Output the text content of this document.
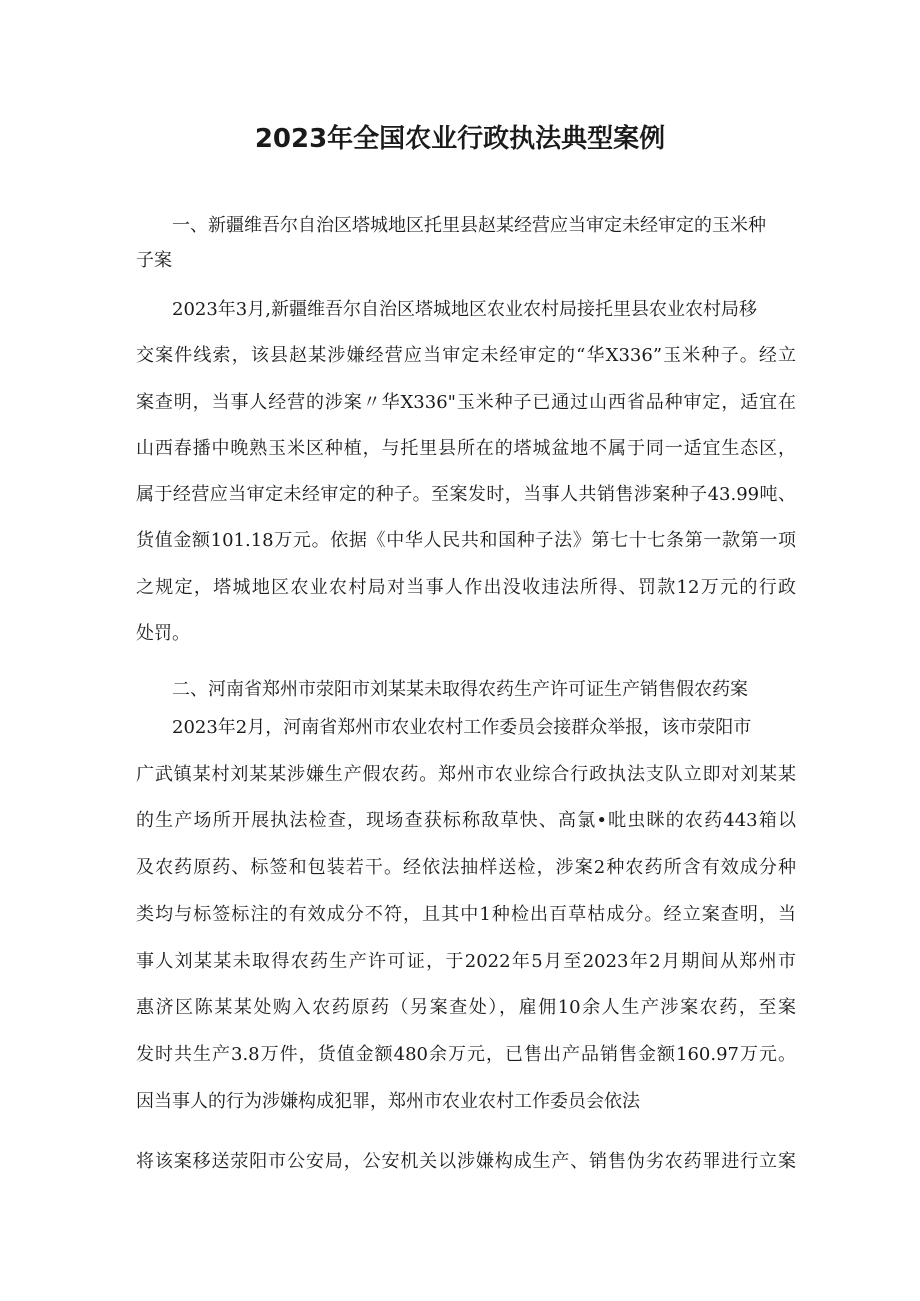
2023年全国农业行政执法典型案例
一、新疆维吾尔自治区塔城地区托里县赵某经营应当审定未经审定的玉米种
子案
2023年3月,新疆维吾尔自治区塔城地区农业农村局接托里县农业农村局移
交案件线索，该县赵某涉嫌经营应当审定未经审定的“华X336”玉米种子。经立
案查明，当事人经营的涉案〃华X336"玉米种子已通过山西省品种审定，适宜在
山西春播中晚熟玉米区种植，与托里县所在的塔城盆地不属于同一适宜生态区，
属于经营应当审定未经审定的种子。至案发时，当事人共销售涉案种子43.99吨、
货值金额101.18万元。依据《中华人民共和国种子法》第七十七条第一款第一项
之规定，塔城地区农业农村局对当事人作出没收违法所得、罚款12万元的行政
处罚。
二、河南省郑州市荥阳市刘某某未取得农药生产许可证生产销售假农药案
2023年2月，河南省郑州市农业农村工作委员会接群众举报，该市荥阳市
广武镇某村刘某某涉嫌生产假农药。郑州市农业综合行政执法支队立即对刘某某
的生产场所开展执法检查，现场查获标称敌草快、高氯•吡虫眯的农药443箱以
及农药原药、标签和包装若干。经依法抽样送检，涉案2种农药所含有效成分种
类均与标签标注的有效成分不符，且其中1种检出百草枯成分。经立案查明，当
事人刘某某未取得农药生产许可证，于2022年5月至2023年2月期间从郑州市
惠济区陈某某处购入农药原药（另案查处），雇佣10余人生产涉案农药，至案
发时共生产3.8万件，货值金额480余万元，已售出产品销售金额160.97万元。
因当事人的行为涉嫌构成犯罪，郑州市农业农村工作委员会依法
将该案移送荥阳市公安局，公安机关以涉嫌构成生产、销售伪劣农药罪进行立案
